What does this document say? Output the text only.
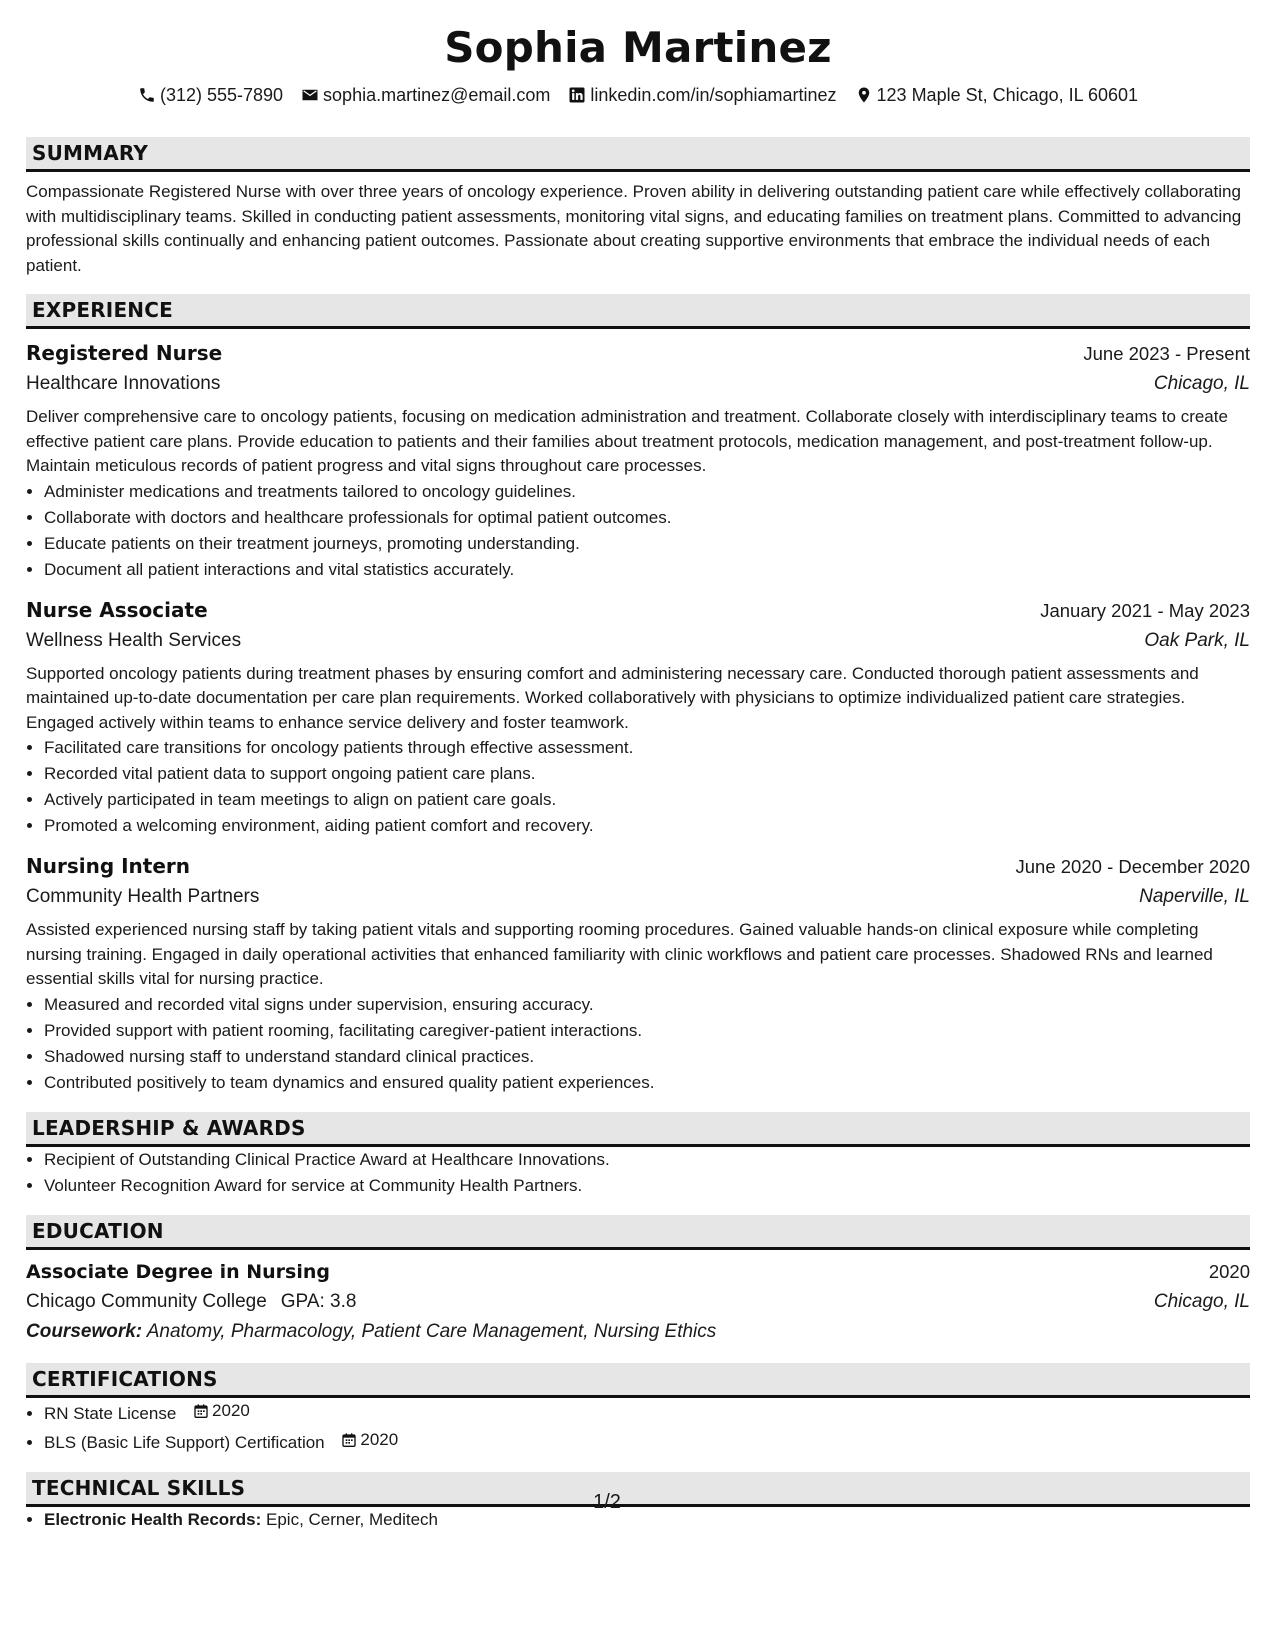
Sophia Martinez
(312) 555-7890 sophia.martinez@email.com linkedin.com/in/sophiamartinez 123 Maple St, Chicago, IL 60601
SUMMARY

Compassionate Registered Nurse with over three years of oncology experience. Proven ability in delivering outstanding patient care while effectively collaborating with multidisciplinary teams. Skilled in conducting patient assessments, monitoring vital signs, and educating families on treatment plans. Committed to advancing professional skills continually and enhancing patient outcomes. Passionate about creating supportive environments that embrace the individual needs of each patient.

EXPERIENCE
Registered Nurse	June 2023 - Present
Healthcare Innovations	Chicago, IL

Deliver comprehensive care to oncology patients, focusing on medication administration and treatment. Collaborate closely with interdisciplinary teams to create effective patient care plans. Provide education to patients and their families about treatment protocols, medication management, and post-treatment follow-up. Maintain meticulous records of patient progress and vital signs throughout care processes.

• Administer medications and treatments tailored to oncology guidelines.
• Collaborate with doctors and healthcare professionals for optimal patient outcomes.
• Educate patients on their treatment journeys, promoting understanding.
• Document all patient interactions and vital statistics accurately.
Nurse Associate	January 2021 - May 2023
Wellness Health Services	Oak Park, IL

Supported oncology patients during treatment phases by ensuring comfort and administering necessary care. Conducted thorough patient assessments and maintained up-to-date documentation per care plan requirements. Worked collaboratively with physicians to optimize individualized patient care strategies. Engaged actively within teams to enhance service delivery and foster teamwork.

• Facilitated care transitions for oncology patients through effective assessment.
• Recorded vital patient data to support ongoing patient care plans.
• Actively participated in team meetings to align on patient care goals.
• Promoted a welcoming environment, aiding patient comfort and recovery.
Nursing Intern	June 2020 - December 2020
Community Health Partners	Naperville, IL

Assisted experienced nursing staff by taking patient vitals and supporting rooming procedures. Gained valuable hands-on clinical exposure while completing nursing training. Engaged in daily operational activities that enhanced familiarity with clinic workflows and patient care processes. Shadowed RNs and learned essential skills vital for nursing practice.

• Measured and recorded vital signs under supervision, ensuring accuracy.
• Provided support with patient rooming, facilitating caregiver-patient interactions.
• Shadowed nursing staff to understand standard clinical practices.
• Contributed positively to team dynamics and ensured quality patient experiences.
LEADERSHIP & AWARDS
• Recipient of Outstanding Clinical Practice Award at Healthcare Innovations.
• Volunteer Recognition Award for service at Community Health Partners.
EDUCATION
Associate Degree in Nursing	2020
Chicago Community College GPA: 3.8	Chicago, IL
Coursework: Anatomy, Pharmacology, Patient Care Management, Nursing Ethics
CERTIFICATIONS
• RN State License 2020
• BLS (Basic Life Support) Certification 2020
TECHNICAL SKILLS
• Electronic Health Records: Epic, Cerner, Meditech
1/2
